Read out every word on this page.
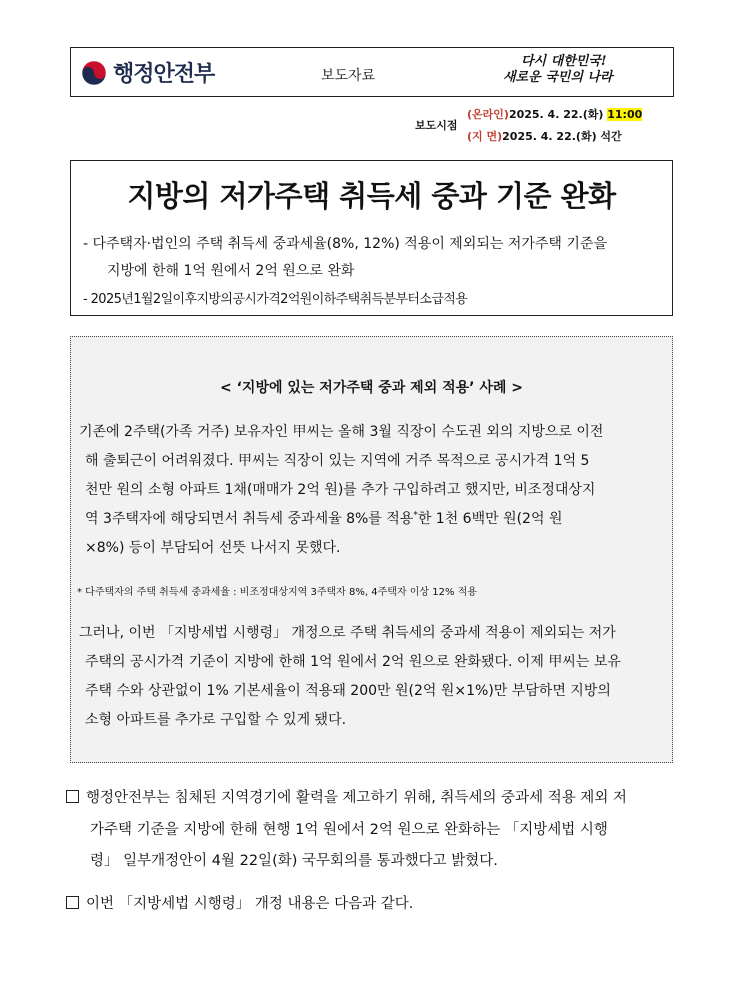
행정안전부	보도자료
다시 대한민국!
새로운 국민의 나라
보도시점
(온라인)2025. 4. 22.(화) 11:00
(지 면)2025. 4. 22.(화) 석간
지방의 저가주택 취득세 중과 기준 완화
- 다주택자·법인의 주택 취득세 중과세율(8%, 12%) 적용이 제외되는 저가주택 기준을
지방에 한해 1억 원에서 2억 원으로 완화
- 2025년1월2일이후지방의공시가격2억원이하주택취득분부터소급적용
< ‘지방에 있는 저가주택 중과 제외 적용’ 사례 >
기존에 2주택(가족 거주) 보유자인 甲씨는 올해 3월 직장이 수도권 외의 지방으로 이전
해 출퇴근이 어려워졌다. 甲씨는 직장이 있는 지역에 거주 목적으로 공시가격 1억 5
천만 원의 소형 아파트 1채(매매가 2억 원)를 추가 구입하려고 했지만, 비조정대상지
역 3주택자에 해당되면서 취득세 중과세율 8%를 적용*한 1천 6백만 원(2억 원
×8%) 등이 부담되어 선뜻 나서지 못했다.
* 다주택자의 주택 취득세 중과세율 : 비조정대상지역 3주택자 8%, 4주택자 이상 12% 적용
그러나, 이번 「지방세법 시행령」 개정으로 주택 취득세의 중과세 적용이 제외되는 저가
주택의 공시가격 기준이 지방에 한해 1억 원에서 2억 원으로 완화됐다. 이제 甲씨는 보유
주택 수와 상관없이 1% 기본세율이 적용돼 200만 원(2억 원×1%)만 부담하면 지방의
소형 아파트를 추가로 구입할 수 있게 됐다.
행정안전부는 침체된 지역경기에 활력을 제고하기 위해, 취득세의 중과세 적용 제외 저
가주택 기준을 지방에 한해 현행 1억 원에서 2억 원으로 완화하는 「지방세법 시행
령」 일부개정안이 4월 22일(화) 국무회의를 통과했다고 밝혔다.
이번 「지방세법 시행령」 개정 내용은 다음과 같다.
